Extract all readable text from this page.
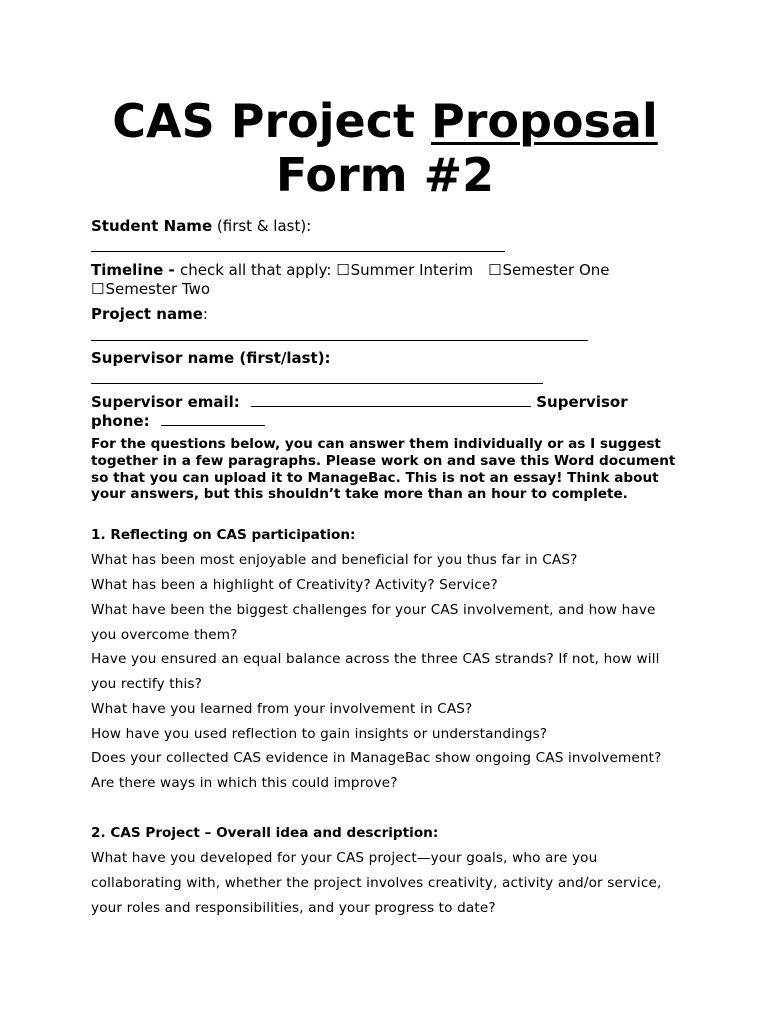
CAS Project Proposal
Form #2
Student Name (first & last):
Timeline - check all that apply: ☐Summer Interim ☐Semester One
☐Semester Two
Project name:
Supervisor name (first/last):
Supervisor email:	Supervisor
phone:
For the questions below, you can answer them individually or as I suggest together in a few paragraphs. Please work on and save this Word document so that you can upload it to ManageBac. This is not an essay! Think about your answers, but this shouldn’t take more than an hour to complete.
1. Reflecting on CAS participation:
What has been most enjoyable and beneficial for you thus far in CAS?
What has been a highlight of Creativity? Activity? Service?
What have been the biggest challenges for your CAS involvement, and how have
you overcome them?
Have you ensured an equal balance across the three CAS strands? If not, how will
you rectify this?
What have you learned from your involvement in CAS?
How have you used reflection to gain insights or understandings?
Does your collected CAS evidence in ManageBac show ongoing CAS involvement?
Are there ways in which this could improve?
2. CAS Project – Overall idea and description:
What have you developed for your CAS project—your goals, who are you
collaborating with, whether the project involves creativity, activity and/or service,
your roles and responsibilities, and your progress to date?
